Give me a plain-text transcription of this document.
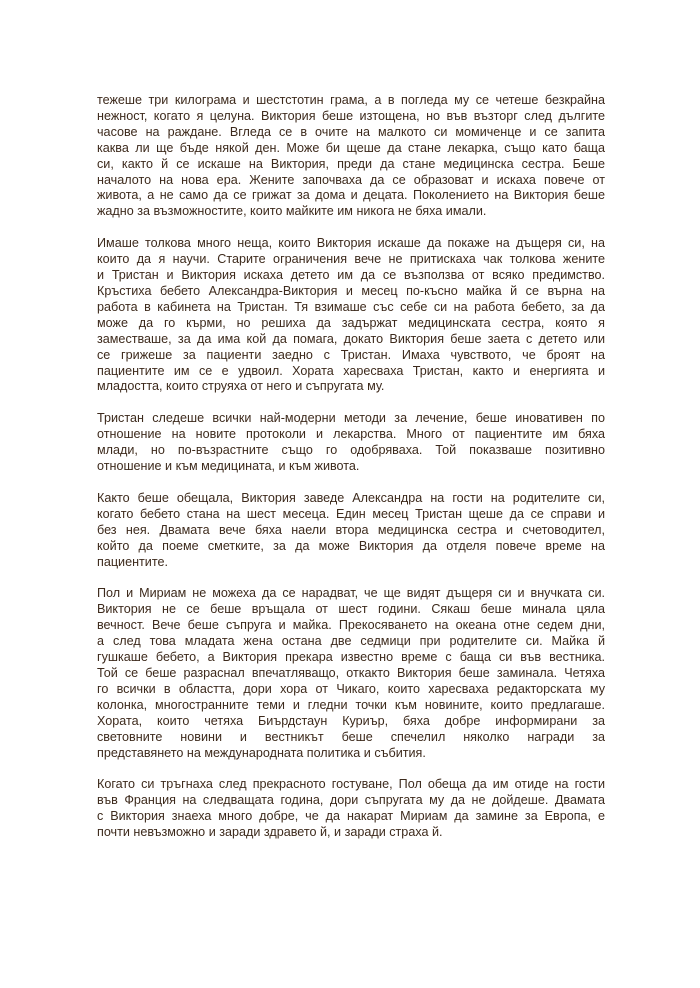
тежеше три килограма и шестстотин грама, а в погледа му се четеше безкрайна
нежност, когато я целуна. Виктория беше изтощена, но във възторг след дългите
часове на раждане. Вгледа се в очите на малкото си момиченце и се запита
каква ли ще бъде някой ден. Може би щеше да стане лекарка, също като баща
си, както й се искаше на Виктория, преди да стане медицинска сестра. Беше
началото на нова ера. Жените започваха да се образоват и искаха повече от
живота, а не само да се грижат за дома и децата. Поколението на Виктория беше
жадно за възможностите, които майките им никога не бяха имали.

Имаше толкова много неща, които Виктория искаше да покаже на дъщеря си, на
които да я научи. Старите ограничения вече не притискаха чак толкова жените
и Тристан и Виктория искаха детето им да се възползва от всяко предимство.
Кръстиха бебето Александра-Виктория и месец по-късно майка й се върна на
работа в кабинета на Тристан. Тя взимаше със себе си на работа бебето, за да
може да го кърми, но решиха да задържат медицинската сестра, която я
заместваше, за да има кой да помага, докато Виктория беше заета с детето или
се грижеше за пациенти заедно с Тристан. Имаха чувството, че броят на
пациентите им се е удвоил. Хората харесваха Тристан, както и енергията и
младостта, които струяха от него и съпругата му.

Тристан следеше всички най-модерни методи за лечение, беше иновативен по
отношение на новите протоколи и лекарства. Много от пациентите им бяха
млади, но по-възрастните също го одобряваха. Той показваше позитивно
отношение и към медицината, и към живота.

Както беше обещала, Виктория заведе Александра на гости на родителите си,
когато бебето стана на шест месеца. Един месец Тристан щеше да се справи и
без нея. Двамата вече бяха наели втора медицинска сестра и счетоводител,
който да поеме сметките, за да може Виктория да отделя повече време на
пациентите.

Пол и Мириам не можеха да се нарадват, че ще видят дъщеря си и внучката си.
Виктория не се беше връщала от шест години. Сякаш беше минала цяла
вечност. Вече беше съпруга и майка. Прекосяването на океана отне седем дни,
а след това младата жена остана две седмици при родителите си. Майка й
гушкаше бебето, а Виктория прекара известно време с баща си във вестника.
Той се беше разраснал впечатляващо, откакто Виктория беше заминала. Четяха
го всички в областта, дори хора от Чикаго, които харесваха редакторската му
колонка, многостранните теми и гледни точки към новините, които предлагаше.
Хората, които четяха Биърдстаун Куриър, бяха добре информирани за
световните новини и вестникът беше спечелил няколко награди за
представянето на международната политика и събития.

Когато си тръгнаха след прекрасното гостуване, Пол обеща да им отиде на гости
във Франция на следващата година, дори съпругата му да не дойдеше. Двамата
с Виктория знаеха много добре, че да накарат Мириам да замине за Европа, е
почти невъзможно и заради здравето й, и заради страха й.
